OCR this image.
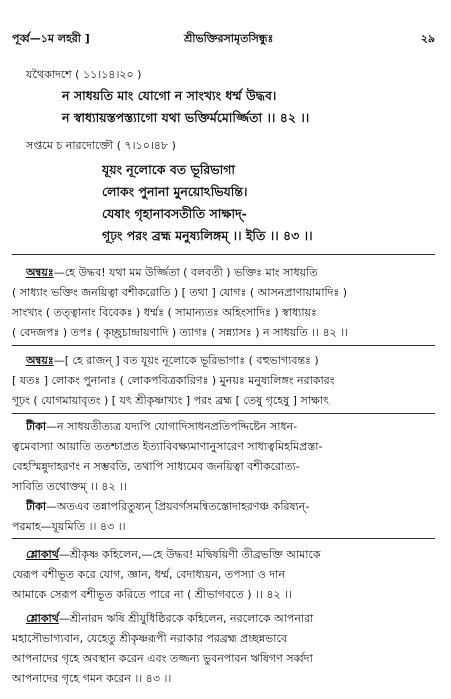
পূর্ব্ব—১ম লহরী ]	শ্রীভক্তিরসামৃতসিন্ধুঃ	২৯
যথৈকাদশে ( ১১।১৪।২০ )
ন সাধয়তি মাং যোগো ন সাংখ্যং ধর্ম্ম উদ্ধব।
ন স্বাধ্যায়স্তপস্ত্যাগো যথা ভক্তির্মমোর্জ্জিতা ।। ৪২ ।।
সপ্তমে চ নারদোক্তৌ ( ৭।১০।৪৮ )
যূয়ং নূলোকে বত ভূরিভাগা
লোকং পুনানা মুনয়োঽভিযন্তি।
যেষাং গৃহানাবসতীতি সাক্ষাদ্-
গূঢ়ং পরং ব্রহ্ম মনুষ্যলিঙ্গম্ ।। ইতি ।। ৪৩ ।।
অন্বয়ঃ—হে উদ্ধব! যথা মম উর্জ্জিতা ( বলবতী ) ভক্তিঃ মাং সাধয়তি
( সাধ্যাং ভক্তিং জনয়িত্বা বশীকরোতি ) [ তথা ] যোগঃ ( আসনপ্রাণায়ামাদিঃ )
সাংখ্যং ( তত্ত্বানাং বিবেকঃ ) ধর্ম্মঃ ( সামান্যতঃ অহিংসাদিঃ ) স্বাধ্যায়ঃ
( বেদজপঃ ) তপঃ ( কৃচ্ছ্রচান্দ্রায়ণাদি ) ত্যাগঃ ( সন্ন্যাসঃ ) ন সাধয়তি ।। ৪২ ।।
অন্বয়ঃ—[ হে রাজন্ ] বত যূয়ং নূলোকে ভূরিভাগাঃ ( বহুভাগ্যবন্তঃ )
[ যতঃ ] লোকং পুনানাঃ ( লোকপবিত্রকারিণঃ ) মুনয়ঃ মনুষ্যলিঙ্গং নরাকারং
গূঢ়ং ( যোগমায়াবৃতং ) [ যৎ শ্রীকৃষ্ণাখ্যং ] পরং ব্রহ্ম [ তেষু গৃহেষু ] সাক্ষাৎ
টীকা—ন সাধয়তীত্যত্র যদ্যপি যোগাদিসাধনপ্রতিপদ্দিষ্টেন সাধন-
ত্বমেবাস্যা আয়াতি ততশ্চাপ্রত ইত্যাবিবক্ষ্যমাণানুসারেণ সাধ্যত্বমিহমিপ্রস্তা-
বেহস্মিন্নুদাহরণং ন সম্ভবতি, তথাপি সাধ্যমেব জনয়িত্বা বশীকরোত্য-
সাবিতি তথোক্তম্ ।। ৪২ ।।
টীকা—অতএব তন্নাপরিতুষ্যন্ প্রিয়বর্গসমন্বিতস্তোদাহরণঞ্চ করিষ্যন্-
পরমাহ—যূয়মিতি ।। ৪৩ ।।
শ্লোকার্থ—শ্রীকৃষ্ণ কহিলেন,—হে উদ্ধব! মদ্বিষয়িণী তীব্রভক্তি আমাকে
যেরূপ বশীভূত করে যোগ, জ্ঞান, ধর্ম্ম, বেদাধ্যয়ন, তপস্যা ও দান
আমাকে সেরূপ বশীভূত করিতে পারে না ( শ্রীভাগবতে ) ।। ৪২ ।।
শ্লোকার্থ—শ্রীনারদ ঋষি শ্রীযুধিষ্ঠিরকে কহিলেন, নরলোকে আপনারা
মহাসৌভাগ্যবান, যেহেতু শ্রীকৃষ্ণরূপী নরাকার পরব্রহ্ম প্রচ্ছন্নভাবে
আপনাদের গৃহে অবস্থান করেন এবং তজ্জন্য ভুবনপাবন ঋষিগণ সর্ব্বদা
আপনাদের গৃহে গমন করেন ।। ৪৩ ।।
